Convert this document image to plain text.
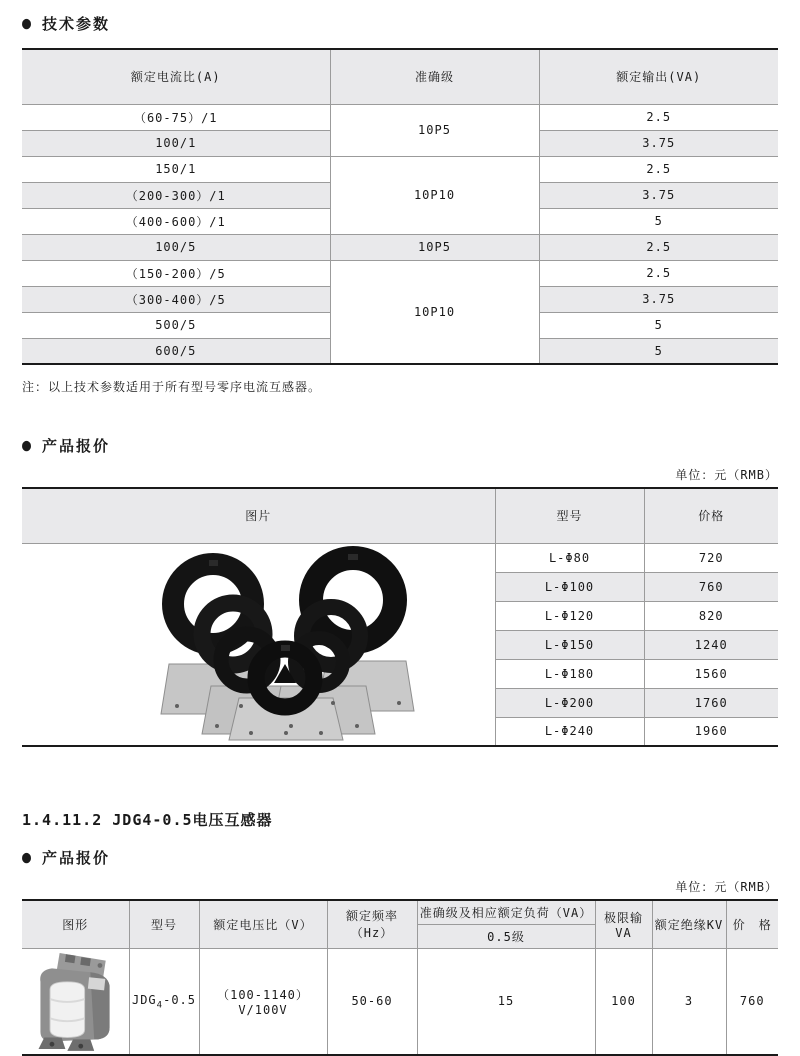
● 技术参数
额定电流比(A)	准确级	额定输出(VA)
（60-75）/1	10P5	2.5
100/1		3.75
150/1	10P10	2.5
（200-300）/1		3.75
（400-600）/1		5
100/5	10P5	2.5
（150-200）/5	10P10	2.5
（300-400）/5		3.75
500/5		5
600/5		5
注：以上技术参数适用于所有型号零序电流互感器。
● 产品报价
单位：元（RMB）
图片	型号	价格

	L-Φ80	720
	L-Φ100	760
	L-Φ120	820
	L-Φ150	1240
	L-Φ180	1560
	L-Φ200	1760
	L-Φ240	1960
1.4.11.2 JDG4-0.5电压互感器
● 产品报价
单位：元（RMB）
图形	型号	额定电压比（V）	额定频率（Hz）	准确级及相应额定负荷（VA）	极限输VA	额定绝缘KV	价　格
				0.5级			

	$JDG_4-0.5$	（100-1140）V/100V	50-60	15	100	3	760
